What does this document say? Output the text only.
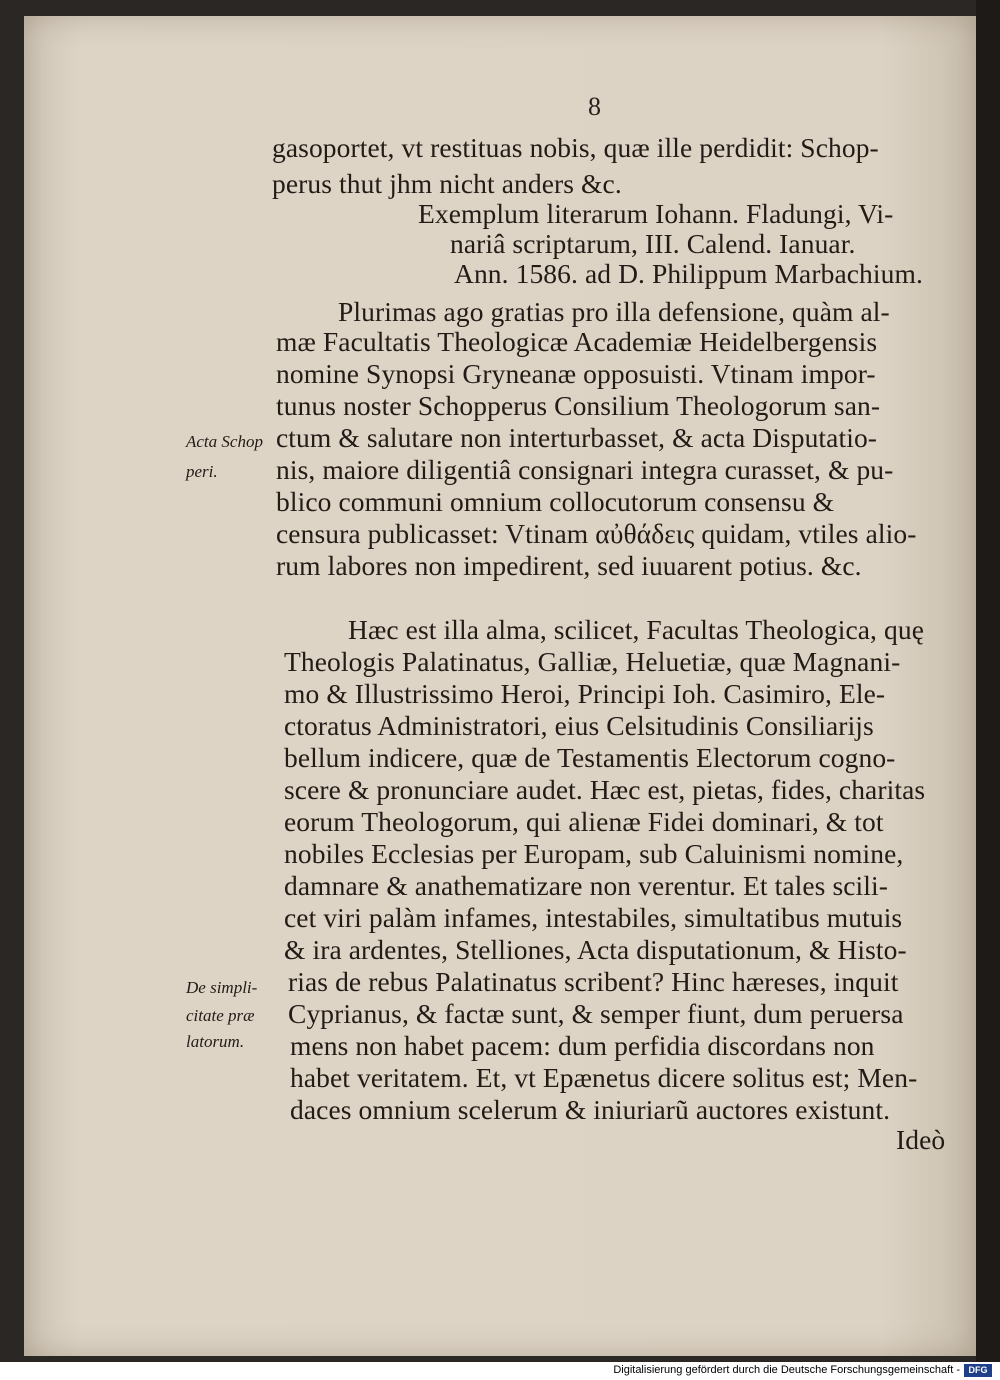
8
gasoportet, vt restituas nobis, quæ ille perdidit: Schop-
perus thut jhm nicht anders &c.
Exemplum literarum Iohann. Fladungi, Vi-
nariâ scriptarum, III. Calend. Ianuar.
Ann. 1586. ad D. Philippum Marbachium.
Plurimas ago gratias pro illa defensione, quàm al-
mæ Facultatis Theologicæ Academiæ Heidelbergensis
nomine Synopsi Gryneanæ opposuisti. Vtinam impor-
tunus noster Schopperus Consilium Theologorum san-
ctum & salutare non interturbasset, & acta Disputatio-
nis, maiore diligentiâ consignari integra curasset, & pu-
blico communi omnium collocutorum consensu &
censura publicasset: Vtinam αὐθάδεις quidam, vtiles alio-
rum labores non impedirent, sed iuuarent potius. &c.
Hæc est illa alma, scilicet, Facultas Theologica, quę
Theologis Palatinatus, Galliæ, Heluetiæ, quæ Magnani-
mo & Illustrissimo Heroi, Principi Ioh. Casimiro, Ele-
ctoratus Administratori, eius Celsitudinis Consiliarijs
bellum indicere, quæ de Testamentis Electorum cogno-
scere & pronunciare audet. Hæc est, pietas, fides, charitas
eorum Theologorum, qui alienæ Fidei dominari, & tot
nobiles Ecclesias per Europam, sub Caluinismi nomine,
damnare & anathematizare non verentur. Et tales scili-
cet viri palàm infames, intestabiles, simultatibus mutuis
& ira ardentes, Stelliones, Acta disputationum, & Histo-
rias de rebus Palatinatus scribent? Hinc hæreses, inquit
Cyprianus, & factæ sunt, & semper fiunt, dum peruersa
mens non habet pacem: dum perfidia discordans non
habet veritatem. Et, vt Epænetus dicere solitus est; Men-
daces omnium scelerum & iniuriarũ auctores existunt.
Ideò
Acta Schop
peri.
De simpli-
citate præ
latorum.
Digitalisierung gefördert durch die Deutsche Forschungsgemeinschaft - DFG
